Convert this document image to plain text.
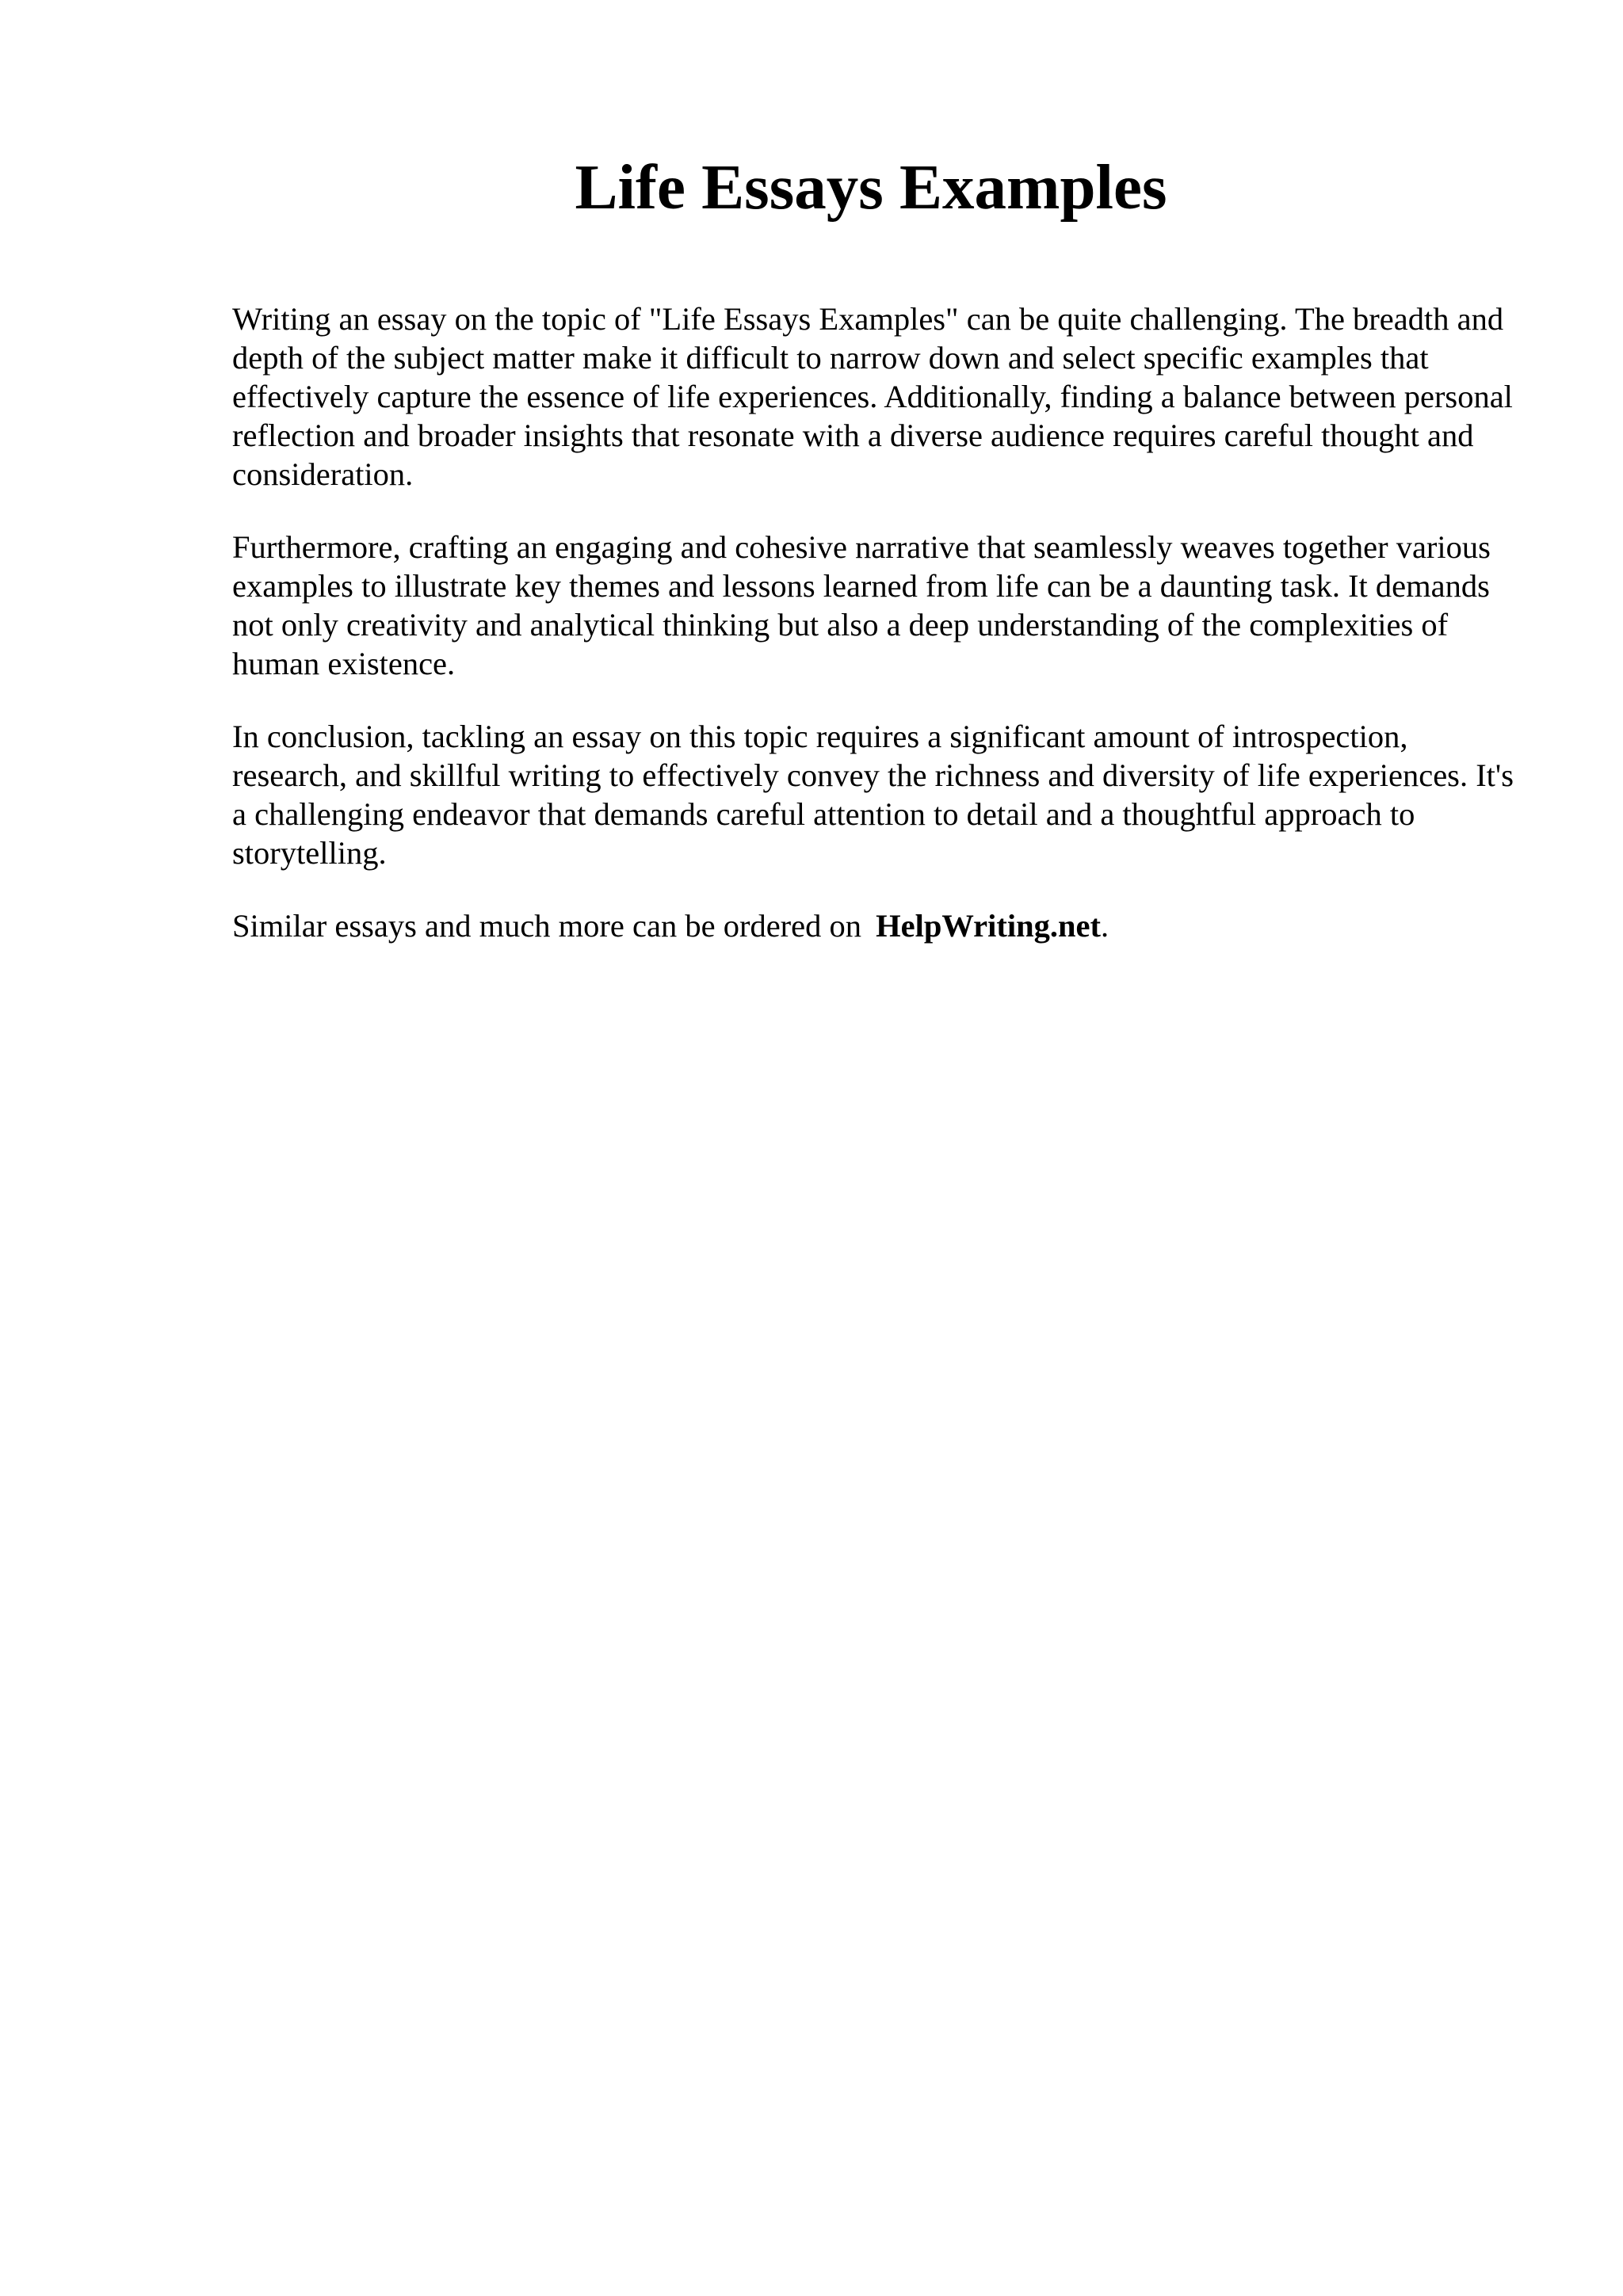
Life Essays Examples

Writing an essay on the topic of "Life Essays Examples" can be quite challenging. The breadth and depth of the subject matter make it difficult to narrow down and select specific examples that effectively capture the essence of life experiences. Additionally, finding a balance between personal reflection and broader insights that resonate with a diverse audience requires careful thought and consideration.

Furthermore, crafting an engaging and cohesive narrative that seamlessly weaves together various examples to illustrate key themes and lessons learned from life can be a daunting task. It demands not only creativity and analytical thinking but also a deep understanding of the complexities of human existence.

In conclusion, tackling an essay on this topic requires a significant amount of introspection, research, and skillful writing to effectively convey the richness and diversity of life experiences. It's a challenging endeavor that demands careful attention to detail and a thoughtful approach to storytelling.

Similar essays and much more can be ordered on HelpWriting.net.
